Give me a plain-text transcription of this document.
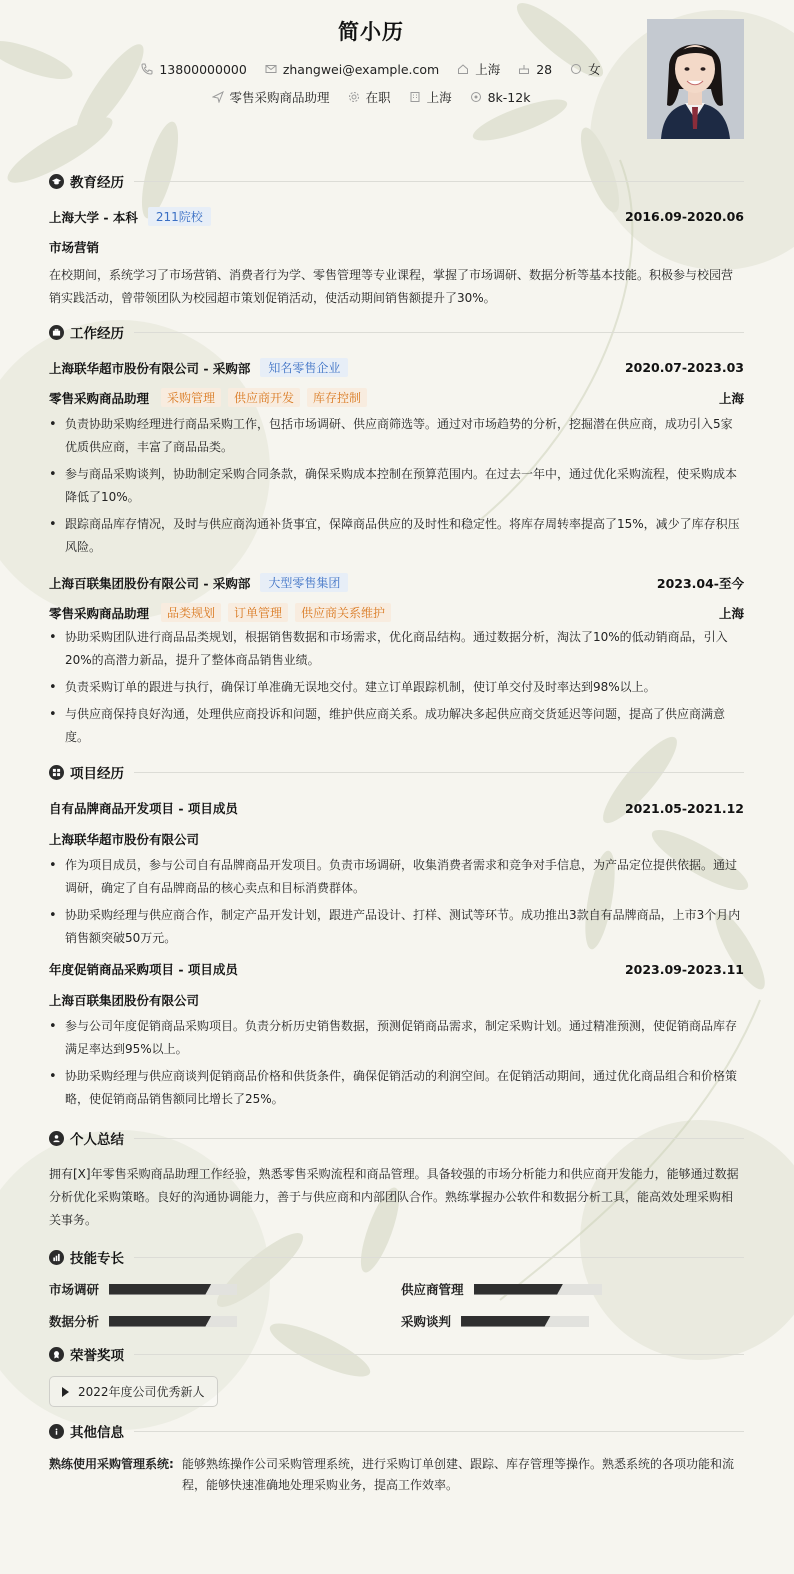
简小历
13800000000	zhangwei@example.com	上海	28	女
零售采购商品助理	在职	上海	8k-12k
教育经历
上海大学 - 本科	211院校	2016.09-2020.06
市场营销
在校期间，系统学习了市场营销、消费者行为学、零售管理等专业课程，掌握了市场调研、数据分析等基本技能。积极参与校园营销实践活动，曾带领团队为校园超市策划促销活动，使活动期间销售额提升了30%。
工作经历
上海联华超市股份有限公司 - 采购部	知名零售企业	2020.07-2023.03
零售采购商品助理	采购管理	供应商开发	库存控制	上海
• 负责协助采购经理进行商品采购工作，包括市场调研、供应商筛选等。通过对市场趋势的分析，挖掘潜在供应商，成功引入5家优质供应商，丰富了商品品类。
• 参与商品采购谈判，协助制定采购合同条款，确保采购成本控制在预算范围内。在过去一年中，通过优化采购流程，使采购成本降低了10%。
• 跟踪商品库存情况，及时与供应商沟通补货事宜，保障商品供应的及时性和稳定性。将库存周转率提高了15%，减少了库存积压风险。
上海百联集团股份有限公司 - 采购部	大型零售集团	2023.04-至今
零售采购商品助理	品类规划	订单管理	供应商关系维护	上海
• 协助采购团队进行商品品类规划，根据销售数据和市场需求，优化商品结构。通过数据分析，淘汰了10%的低动销商品，引入20%的高潜力新品，提升了整体商品销售业绩。
• 负责采购订单的跟进与执行，确保订单准确无误地交付。建立订单跟踪机制，使订单交付及时率达到98%以上。
• 与供应商保持良好沟通，处理供应商投诉和问题，维护供应商关系。成功解决多起供应商交货延迟等问题，提高了供应商满意度。
项目经历
自有品牌商品开发项目 - 项目成员	2021.05-2021.12
上海联华超市股份有限公司
• 作为项目成员，参与公司自有品牌商品开发项目。负责市场调研，收集消费者需求和竞争对手信息，为产品定位提供依据。通过调研，确定了自有品牌商品的核心卖点和目标消费群体。
• 协助采购经理与供应商合作，制定产品开发计划，跟进产品设计、打样、测试等环节。成功推出3款自有品牌商品，上市3个月内销售额突破50万元。
年度促销商品采购项目 - 项目成员	2023.09-2023.11
上海百联集团股份有限公司
• 参与公司年度促销商品采购项目。负责分析历史销售数据，预测促销商品需求，制定采购计划。通过精准预测，使促销商品库存满足率达到95%以上。
• 协助采购经理与供应商谈判促销商品价格和供货条件，确保促销活动的利润空间。在促销活动期间，通过优化商品组合和价格策略，使促销商品销售额同比增长了25%。
个人总结
拥有[X]年零售采购商品助理工作经验，熟悉零售采购流程和商品管理。具备较强的市场分析能力和供应商开发能力，能够通过数据分析优化采购策略。良好的沟通协调能力，善于与供应商和内部团队合作。熟练掌握办公软件和数据分析工具，能高效处理采购相关事务。
技能专长
市场调研	供应商管理
数据分析	采购谈判
荣誉奖项
2022年度公司优秀新人
其他信息
熟练使用采购管理系统: 能够熟练操作公司采购管理系统，进行采购订单创建、跟踪、库存管理等操作。熟悉系统的各项功能和流程，能够快速准确地处理采购业务，提高工作效率。
